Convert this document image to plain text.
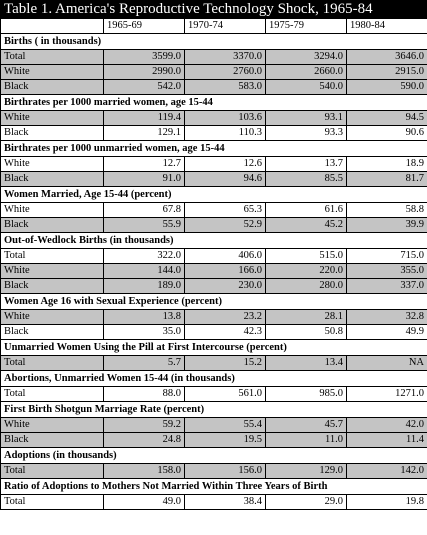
Table 1. America's Reproductive Technology Shock, 1965-84
	1965-69	1970-74	1975-79	1980-84
Births ( in thousands)				
Total	3599.0	3370.0	3294.0	3646.0
White	2990.0	2760.0	2660.0	2915.0
Black	542.0	583.0	540.0	590.0
Birthrates per 1000 married women, age 15-44				
White	119.4	103.6	93.1	94.5
Black	129.1	110.3	93.3	90.6
Birthrates per 1000 unmarried women, age 15-44				
White	12.7	12.6	13.7	18.9
Black	91.0	94.6	85.5	81.7
Women Married, Age 15-44 (percent)				
White	67.8	65.3	61.6	58.8
Black	55.9	52.9	45.2	39.9
Out-of-Wedlock Births (in thousands)				
Total	322.0	406.0	515.0	715.0
White	144.0	166.0	220.0	355.0
Black	189.0	230.0	280.0	337.0
Women Age 16 with Sexual Experience (percent)				
White	13.8	23.2	28.1	32.8
Black	35.0	42.3	50.8	49.9
Unmarried Women Using the Pill at First Intercourse (percent)				
Total	5.7	15.2	13.4	NA
Abortions, Unmarried Women 15-44 (in thousands)				
Total	88.0	561.0	985.0	1271.0
First Birth Shotgun Marriage Rate (percent)				
White	59.2	55.4	45.7	42.0
Black	24.8	19.5	11.0	11.4
Adoptions (in thousands)				
Total	158.0	156.0	129.0	142.0
Ratio of Adoptions to Mothers Not Married Within Three Years of Birth				
Total	49.0	38.4	29.0	19.8
